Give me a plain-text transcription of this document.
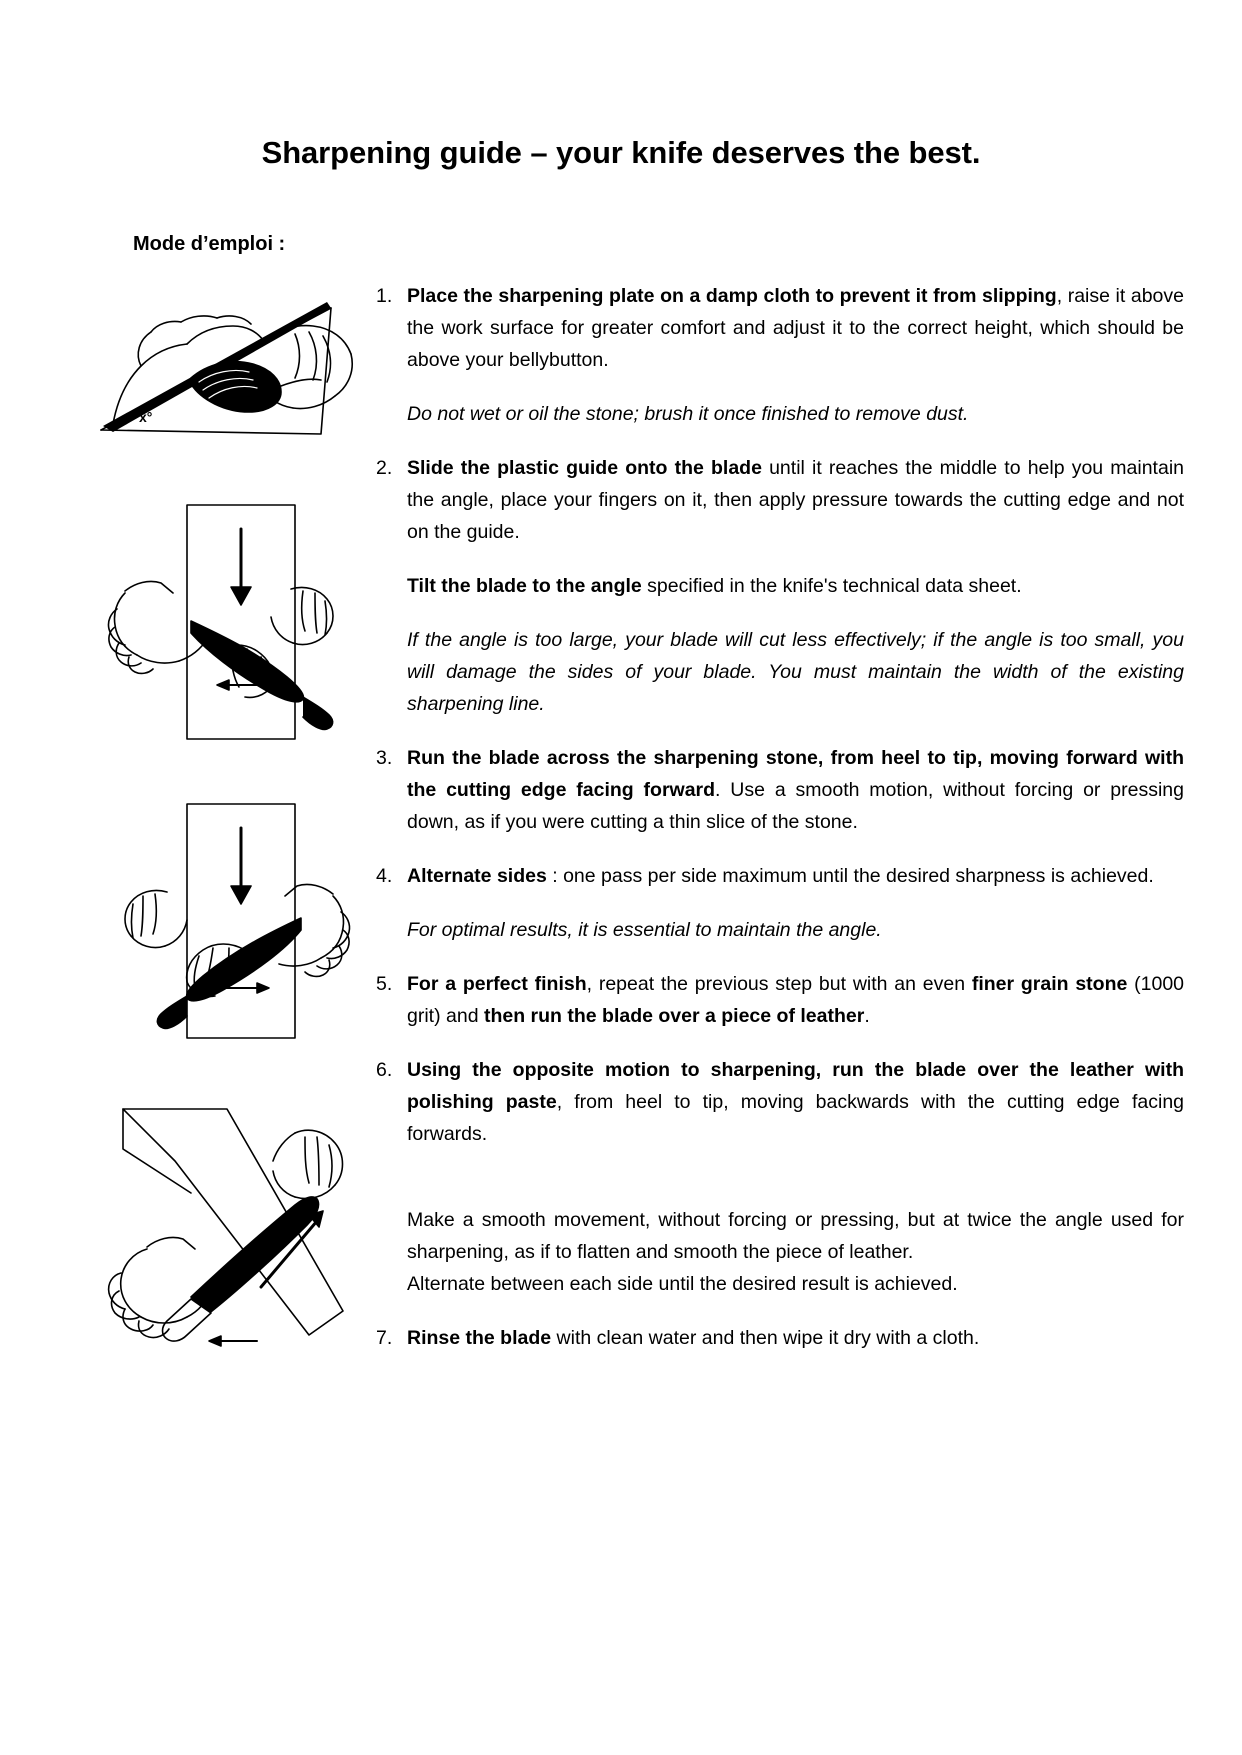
Sharpening guide – your knife deserves the best.
Mode d’emploi :
x°
1. Place the sharpening plate on a damp cloth to prevent it from slipping, raise it above the work surface for greater comfort and adjust it to the correct height, which should be above your bellybutton.
Do not wet or oil the stone; brush it once finished to remove dust.
2. Slide the plastic guide onto the blade until it reaches the middle to help you maintain the angle, place your fingers on it, then apply pressure towards the cutting edge and not on the guide.
Tilt the blade to the angle specified in the knife's technical data sheet.
If the angle is too large, your blade will cut less effectively; if the angle is too small, you will damage the sides of your blade. You must maintain the width of the existing sharpening line.
3. Run the blade across the sharpening stone, from heel to tip, moving forward with the cutting edge facing forward. Use a smooth motion, without forcing or pressing down, as if you were cutting a thin slice of the stone.
4. Alternate sides : one pass per side maximum until the desired sharpness is achieved.
For optimal results, it is essential to maintain the angle.
5. For a perfect finish, repeat the previous step but with an even finer grain stone (1000 grit) and then run the blade over a piece of leather.
6. Using the opposite motion to sharpening, run the blade over the leather with polishing paste, from heel to tip, moving backwards with the cutting edge facing forwards.
Make a smooth movement, without forcing or pressing, but at twice the angle used for sharpening, as if to flatten and smooth the piece of leather.
Alternate between each side until the desired result is achieved.
7. Rinse the blade with clean water and then wipe it dry with a cloth.
